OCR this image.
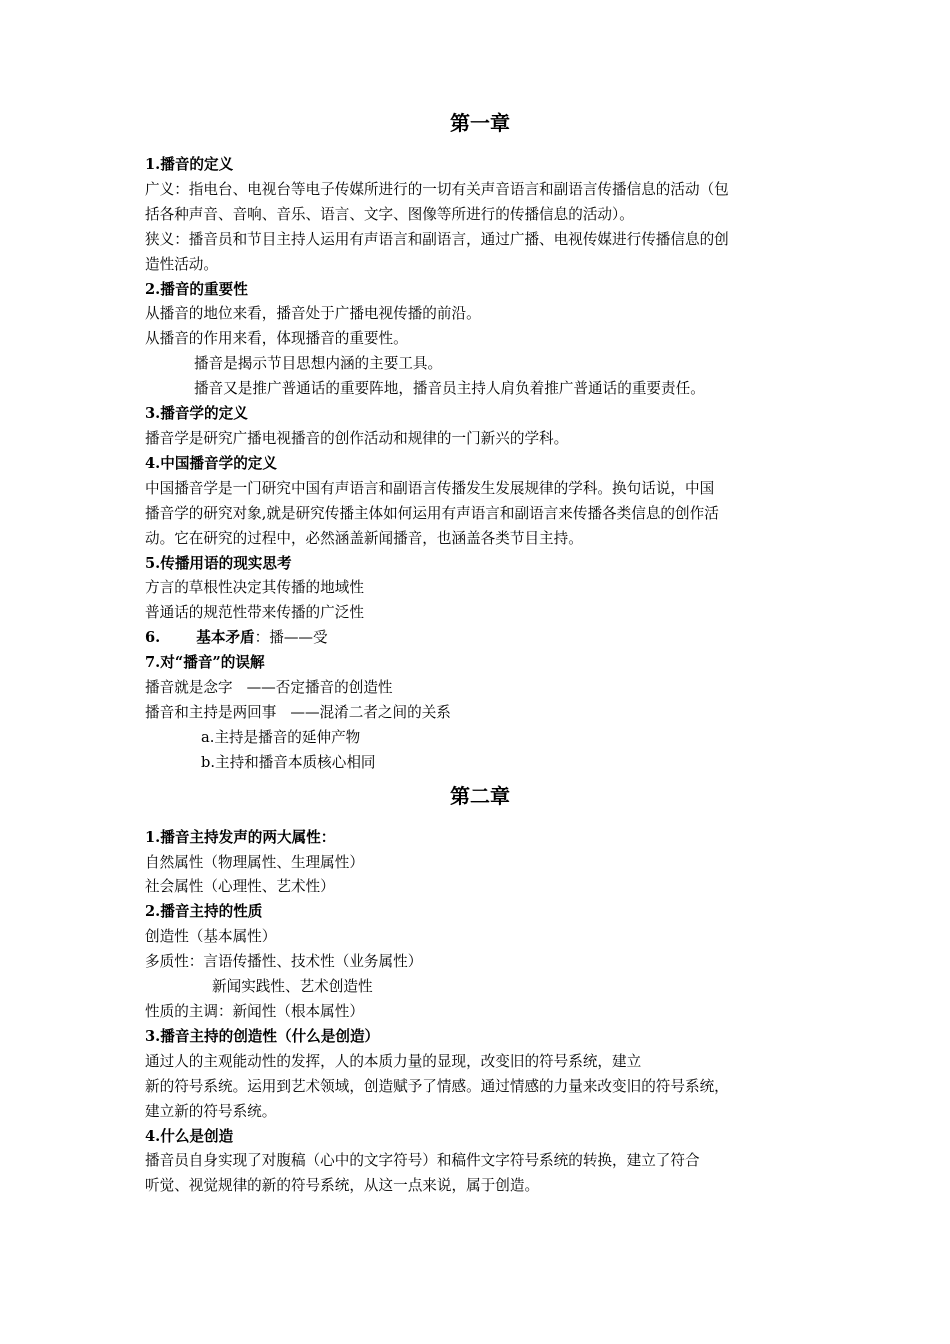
第一章

1.播音的定义

广义：指电台、电视台等电子传媒所进行的一切有关声音语言和副语言传播信息的活动（包

括各种声音、音响、音乐、语言、文字、图像等所进行的传播信息的活动）。

狭义：播音员和节目主持人运用有声语言和副语言，通过广播、电视传媒进行传播信息的创

造性活动。

2.播音的重要性

从播音的地位来看，播音处于广播电视传播的前沿。

从播音的作用来看，体现播音的重要性。

播音是揭示节目思想内涵的主要工具。

播音又是推广普通话的重要阵地，播音员主持人肩负着推广普通话的重要责任。

3.播音学的定义

播音学是研究广播电视播音的创作活动和规律的一门新兴的学科。

4.中国播音学的定义

中国播音学是一门研究中国有声语言和副语言传播发生发展规律的学科。换句话说，中国

播音学的研究对象,就是研究传播主体如何运用有声语言和副语言来传播各类信息的创作活

动。它在研究的过程中，必然涵盖新闻播音，也涵盖各类节目主持。

5.传播用语的现实思考

方言的草根性决定其传播的地域性

普通话的规范性带来传播的广泛性

6. 基本矛盾：播——受

7.对“播音”的误解

播音就是念字 ——否定播音的创造性

播音和主持是两回事 ——混淆二者之间的关系

a.主持是播音的延伸产物

b.主持和播音本质核心相同

第二章

1.播音主持发声的两大属性：

自然属性（物理属性、生理属性）

社会属性（心理性、艺术性）

2.播音主持的性质

创造性（基本属性）

多质性：言语传播性、技术性（业务属性）

新闻实践性、艺术创造性

性质的主调：新闻性（根本属性）

3.播音主持的创造性（什么是创造）

通过人的主观能动性的发挥，人的本质力量的显现，改变旧的符号系统，建立

新的符号系统。运用到艺术领域，创造赋予了情感。通过情感的力量来改变旧的符号系统，

建立新的符号系统。

4.什么是创造

播音员自身实现了对腹稿（心中的文字符号）和稿件文字符号系统的转换，建立了符合

听觉、视觉规律的新的符号系统，从这一点来说，属于创造。
